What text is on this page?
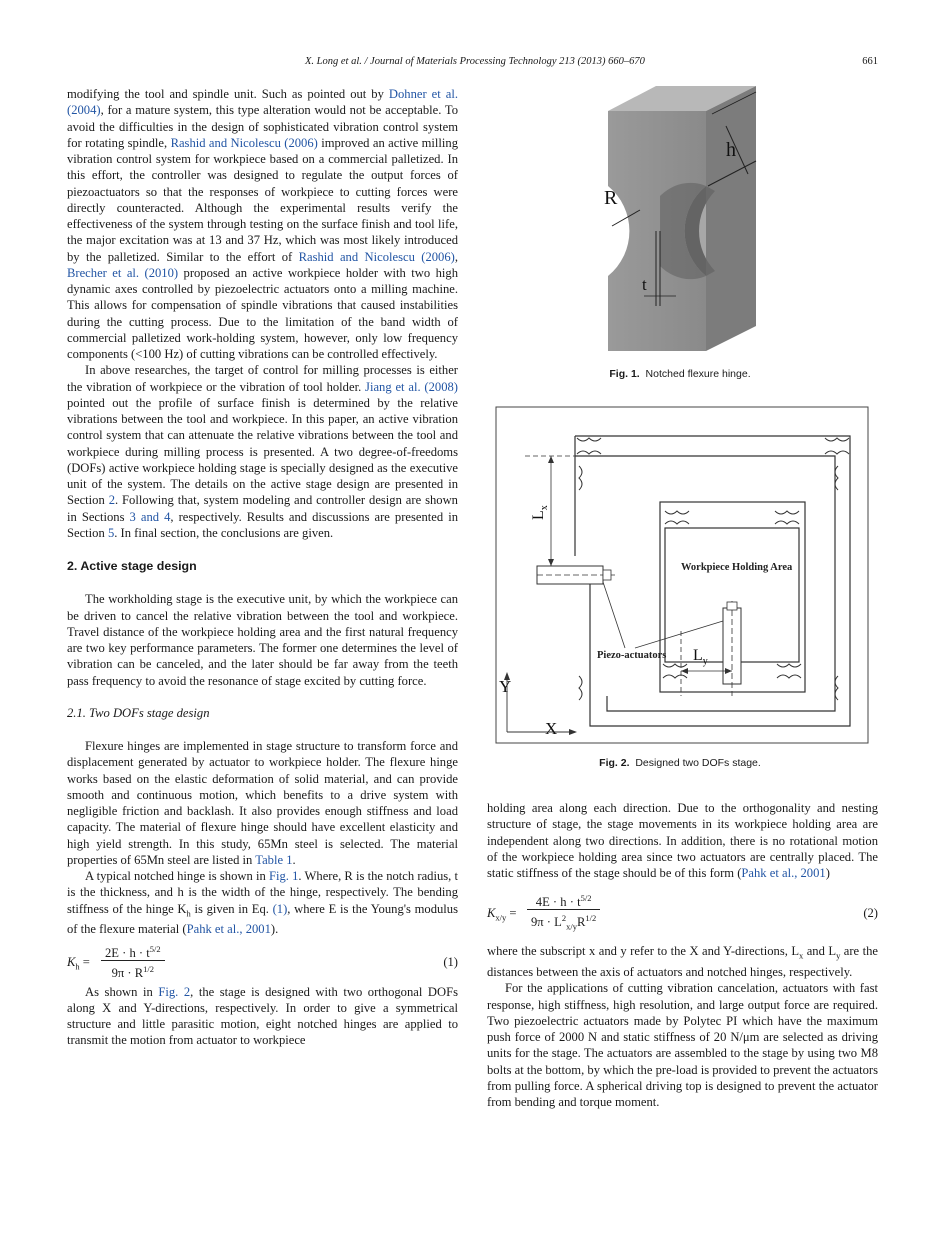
X. Long et al. / Journal of Materials Processing Technology 213 (2013) 660–670	661

modifying the tool and spindle unit. Such as pointed out by Dohner et al. (2004), for a mature system, this type alteration would not be acceptable. To avoid the difficulties in the design of sophisticated vibration control system for rotating spindle, Rashid and Nicolescu (2006) improved an active milling vibration control system for workpiece based on a commercial palletized. In this effort, the controller was designed to regulate the output forces of piezoactuators so that the responses of workpiece to cutting forces were directly counteracted. Although the experimental results verify the effectiveness of the system through testing on the surface finish and tool life, the major excitation was at 13 and 37 Hz, which was most likely introduced by the palletized. Similar to the effort of Rashid and Nicolescu (2006), Brecher et al. (2010) proposed an active workpiece holder with two high dynamic axes controlled by piezoelectric actuators onto a milling machine. This allows for compensation of spindle vibrations that caused instabilities during the cutting process. Due to the limitation of the band width of commercial palletized work-holding system, however, only low frequency components (<100 Hz) of cutting vibrations can be controlled effectively.

In above researches, the target of control for milling processes is either the vibration of workpiece or the vibration of tool holder. Jiang et al. (2008) pointed out the profile of surface finish is determined by the relative vibrations between the tool and workpiece. In this paper, an active vibration control system that can attenuate the relative vibrations between the tool and workpiece during milling process is presented. A two degree-of-freedoms (DOFs) active workpiece holding stage is specially designed as the executive unit of the system. The details on the active stage design are presented in Section 2. Following that, system modeling and controller design are shown in Sections 3 and 4, respectively. Results and discussions are presented in Section 5. In final section, the conclusions are given.

2. Active stage design

The workholding stage is the executive unit, by which the workpiece can be driven to cancel the relative vibration between the tool and workpiece. Travel distance of the workpiece holding area and the first natural frequency are two key performance parameters. The former one determines the level of vibration can be canceled, and the later should be far away from the teeth pass frequency to avoid the resonance of stage excited by cutting force.

2.1. Two DOFs stage design

Flexure hinges are implemented in stage structure to transform force and displacement generated by actuator to workpiece holder. The flexure hinge works based on the elastic deformation of solid material, and can provide smooth and continuous motion, which benefits to a drive system with negligible friction and backlash. It also provides enough stiffness and load capacity. The material of flexure hinge should have excellent elasticity and high yield strength. In this study, 65Mn steel is selected. The material properties of 65Mn steel are listed in Table 1.

A typical notched hinge is shown in Fig. 1. Where, R is the notch radius, t is the thickness, and h is the width of the hinge, respectively. The bending stiffness of the hinge $K_h$ is given in Eq. (1), where E is the Young's modulus of the flexure material (Pahk et al., 2001).

$K_h = \frac{2E \cdot h \cdot t^{5/2}}{9\pi \cdot R^{1/2}}$	(1)

As shown in Fig. 2, the stage is designed with two orthogonal DOFs along X and Y-directions, respectively. In order to give a symmetrical structure and little parasitic motion, eight notched hinges are applied to transmit the motion from actuator to workpiece

h
R
t
Fig. 1. Notched flexure hinge.
$L_x$
$L_y$
Workpiece Holding Area
Piezo-actuators
Y
X
Fig. 2. Designed two DOFs stage.

holding area along each direction. Due to the orthogonality and nesting structure of stage, the stage movements in its workpiece holding area are independent along two directions. In addition, there is no rotational motion of the workpiece holding area since two actuators are centrally placed. The static stiffness of the stage should be of this form (Pahk et al., 2001)

$K_{x/y} = \frac{4E \cdot h \cdot t^{5/2}}{9\pi \cdot L^2_{x/y}R^{1/2}}$	(2)

where the subscript x and y refer to the X and Y-directions, $L_x$ and $L_y$ are the distances between the axis of actuators and notched hinges, respectively.

For the applications of cutting vibration cancelation, actuators with fast response, high stiffness, high resolution, and large output force are required. Two piezoelectric actuators made by Polytec PI which have the maximum push force of 2000 N and static stiffness of 20 N/μm are selected as driving units for the stage. The actuators are assembled to the stage by using two M8 bolts at the bottom, by which the pre-load is provided to prevent the actuators from pulling force. A spherical driving top is designed to prevent the actuator from bending and torque moment.
